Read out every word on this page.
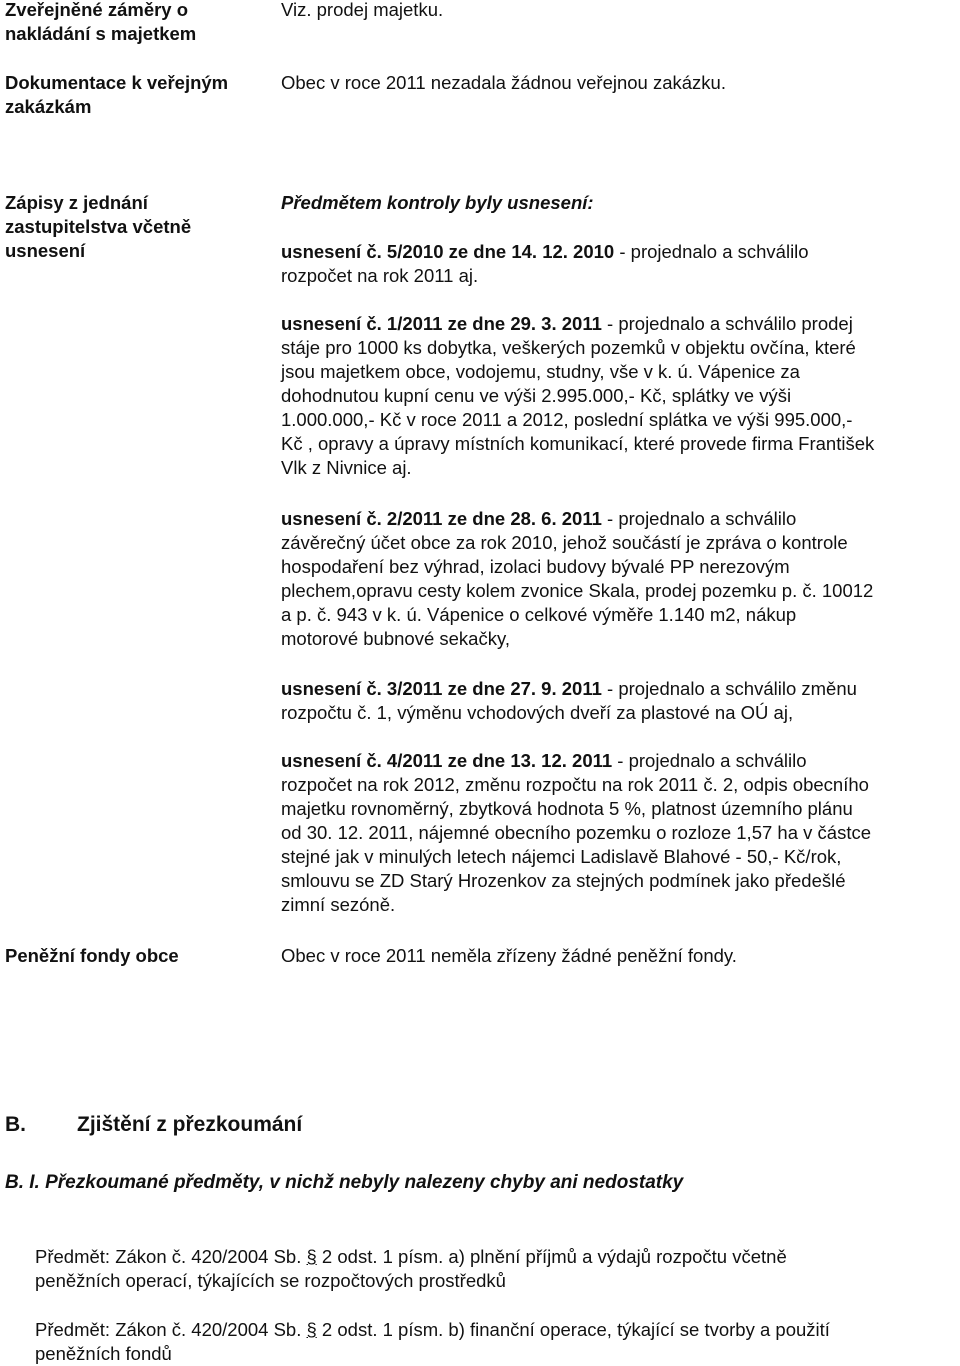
Zveřejněné záměry o
nakládání s majetkem
Viz. prodej majetku.
Dokumentace k veřejným
zakázkám
Obec v roce 2011 nezadala žádnou veřejnou zakázku.
Zápisy z jednání
zastupitelstva včetně
usnesení
Předmětem kontroly byly usnesení:
usnesení č. 5/2010 ze dne 14. 12. 2010 - projednalo a schválilo
rozpočet na rok 2011 aj.
usnesení č. 1/2011 ze dne 29. 3. 2011 - projednalo a schválilo prodej
stáje pro 1000 ks dobytka, veškerých pozemků v objektu ovčína, které
jsou majetkem obce, vodojemu, studny, vše v k. ú. Vápenice za
dohodnutou kupní cenu ve výši 2.995.000,- Kč, splátky ve výši
1.000.000,- Kč v roce 2011 a 2012, poslední splátka ve výši 995.000,-
Kč , opravy a úpravy místních komunikací, které provede firma František
Vlk z Nivnice aj.
usnesení č. 2/2011 ze dne 28. 6. 2011 - projednalo a schválilo
závěrečný účet obce za rok 2010, jehož součástí je zpráva o kontrole
hospodaření bez výhrad, izolaci budovy bývalé PP nerezovým
plechem,opravu cesty kolem zvonice Skala, prodej pozemku p. č. 10012
a p. č. 943 v k. ú. Vápenice o celkové výměře 1.140 m2, nákup
motorové bubnové sekačky,
usnesení č. 3/2011 ze dne 27. 9. 2011 - projednalo a schválilo změnu
rozpočtu č. 1, výměnu vchodových dveří za plastové na OÚ aj,
usnesení č. 4/2011 ze dne 13. 12. 2011 - projednalo a schválilo
rozpočet na rok 2012, změnu rozpočtu na rok 2011 č. 2, odpis obecního
majetku rovnoměrný, zbytková hodnota 5 %, platnost územního plánu
od 30. 12. 2011, nájemné obecního pozemku o rozloze 1,57 ha v částce
stejné jak v minulých letech nájemci Ladislavě Blahové - 50,- Kč/rok,
smlouvu se ZD Starý Hrozenkov za stejných podmínek jako předešlé
zimní sezóně.
Peněžní fondy obce	Obec v roce 2011 neměla zřízeny žádné peněžní fondy.
B. Zjištění z přezkoumání
B. I. Přezkoumané předměty, v nichž nebyly nalezeny chyby ani nedostatky
Předmět: Zákon č. 420/2004 Sb. § 2 odst. 1 písm. a) plnění příjmů a výdajů rozpočtu včetně
peněžních operací, týkajících se rozpočtových prostředků
Předmět: Zákon č. 420/2004 Sb. § 2 odst. 1 písm. b) finanční operace, týkající se tvorby a použití
peněžních fondů
